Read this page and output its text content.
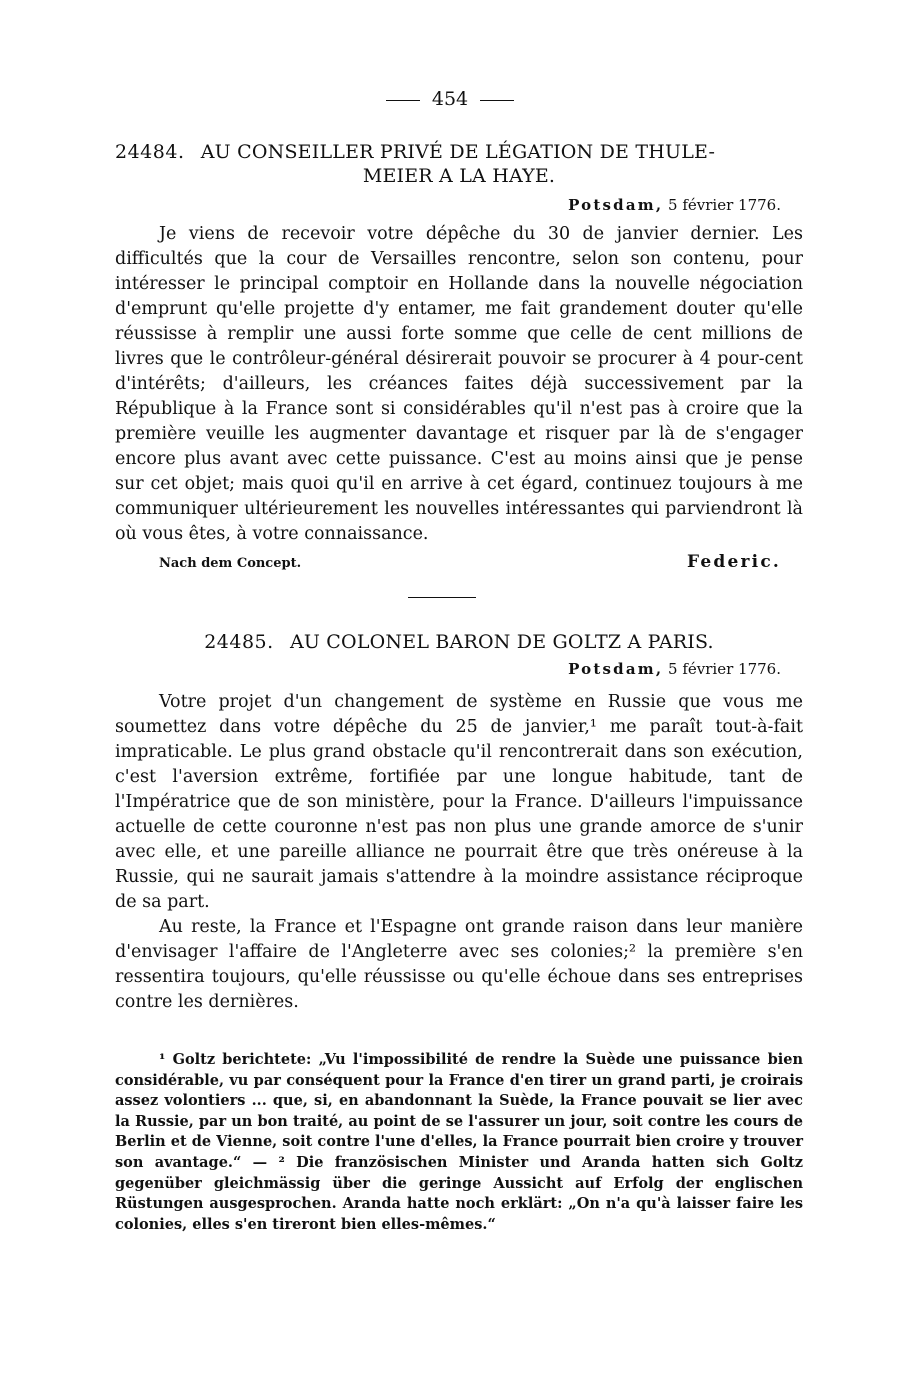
454
24484. AU CONSEILLER PRIVÉ DE LÉGATION DE THULE-
MEIER A LA HAYE.
Potsdam, 5 février 1776.

Je viens de recevoir votre dépêche du 30 de janvier dernier. Les difficultés que la cour de Versailles rencontre, selon son contenu, pour intéresser le principal comptoir en Hollande dans la nouvelle négociation d'emprunt qu'elle projette d'y entamer, me fait grandement douter qu'elle réussisse à remplir une aussi forte somme que celle de cent millions de livres que le contrôleur-général désirerait pouvoir se procurer à 4 pour-cent d'intérêts; d'ailleurs, les créances faites déjà successivement par la République à la France sont si considérables qu'il n'est pas à croire que la première veuille les augmenter davantage et risquer par là de s'engager encore plus avant avec cette puissance. C'est au moins ainsi que je pense sur cet objet; mais quoi qu'il en arrive à cet égard, continuez toujours à me communiquer ultérieurement les nouvelles intéressantes qui parviendront là où vous êtes, à votre connaissance.

Nach dem Concept.	Federic.
24485. AU COLONEL BARON DE GOLTZ A PARIS.
Potsdam, 5 février 1776.

Votre projet d'un changement de système en Russie que vous me soumettez dans votre dépêche du 25 de janvier,¹ me paraît tout-à-fait impraticable. Le plus grand obstacle qu'il rencontrerait dans son exécution, c'est l'aversion extrême, fortifiée par une longue habitude, tant de l'Impératrice que de son ministère, pour la France. D'ailleurs l'impuissance actuelle de cette couronne n'est pas non plus une grande amorce de s'unir avec elle, et une pareille alliance ne pourrait être que très onéreuse à la Russie, qui ne saurait jamais s'attendre à la moindre assistance réciproque de sa part.

Au reste, la France et l'Espagne ont grande raison dans leur manière d'envisager l'affaire de l'Angleterre avec ses colonies;² la première s'en ressentira toujours, qu'elle réussisse ou qu'elle échoue dans ses entreprises contre les dernières.

¹ Goltz berichtete: „Vu l'impossibilité de rendre la Suède une puissance bien considérable, vu par conséquent pour la France d'en tirer un grand parti, je croirais assez volontiers ... que, si, en abandonnant la Suède, la France pouvait se lier avec la Russie, par un bon traité, au point de se l'assurer un jour, soit contre les cours de Berlin et de Vienne, soit contre l'une d'elles, la France pourrait bien croire y trouver son avantage.“ — ² Die französischen Minister und Aranda hatten sich Goltz gegenüber gleichmässig über die geringe Aussicht auf Erfolg der englischen Rüstungen ausgesprochen. Aranda hatte noch erklärt: „On n'a qu'à laisser faire les colonies, elles s'en tireront bien elles-mêmes.“
